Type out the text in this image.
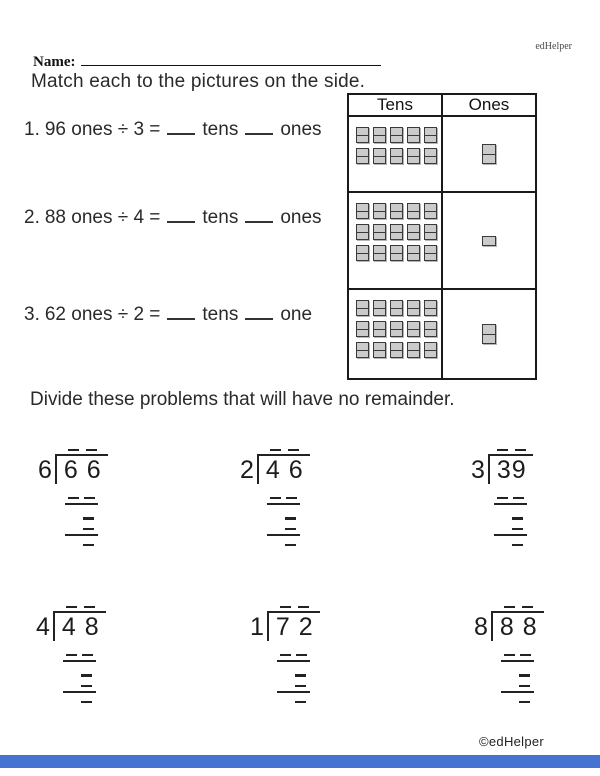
edHelper
Name:
Match each to the pictures on the side.
1. 96 ones ÷ 3 = tens ones
2. 88 ones ÷ 4 = tens ones
3. 62 ones ÷ 2 = tens one
Tens	Ones
Divide these problems that will have no remainder.
6 6 6	2 4 6	3 39
4 4 8	1 7 2	8 8 8
©edHelper
